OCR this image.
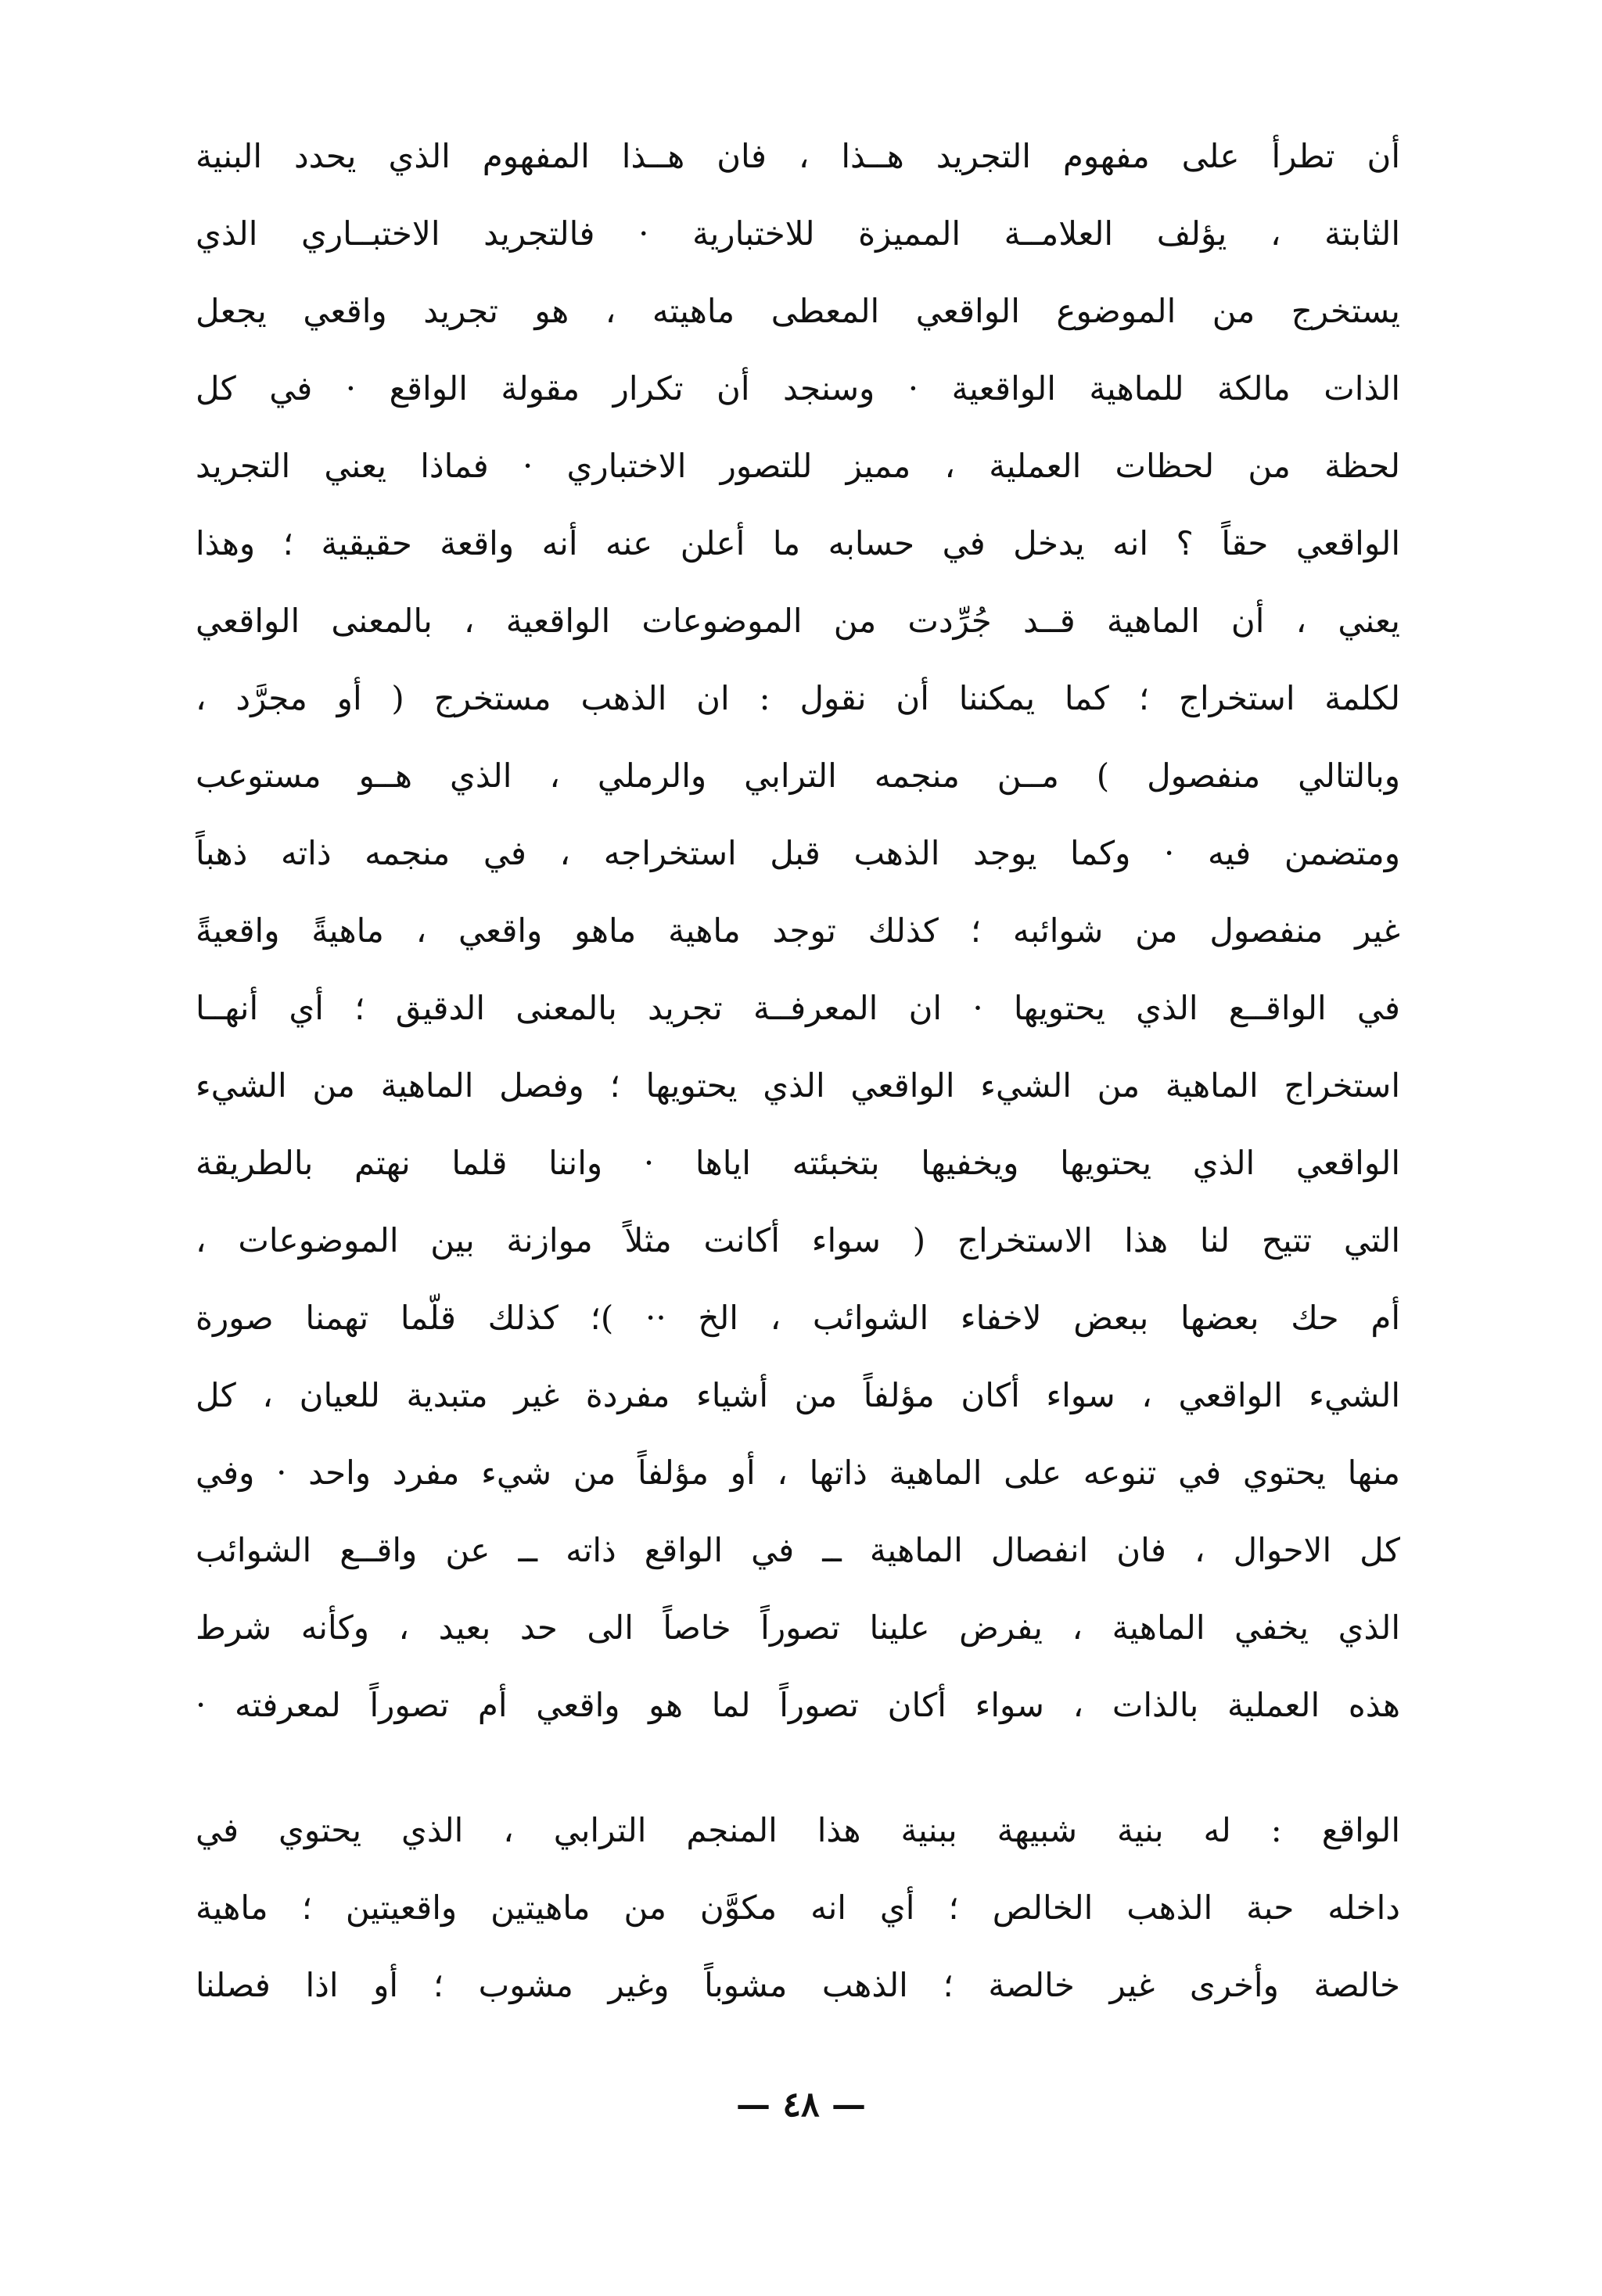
أن تطرأ على مفهوم التجريد هــذا ، فان هــذا المفهوم الذي يحدد البنية
الثابتة ، يؤلف العلامــة المميزة للاختبارية · فالتجريد الاختبــاري الذي
يستخرج من الموضوع الواقعي المعطى ماهيته ، هو تجريد واقعي يجعل
الذات مالكة للماهية الواقعية · وسنجد أن تكرار مقولة الواقع · في كل
لحظة من لحظات العملية ، مميز للتصور الاختباري · فماذا يعني التجريد
الواقعي حقاً ؟ انه يدخل في حسابه ما أعلن عنه أنه واقعة حقيقية ؛ وهذا
يعني ، أن الماهية قــد جُرِّدت من الموضوعات الواقعية ، بالمعنى الواقعي
لكلمة استخراج ؛ كما يمكننا أن نقول : ان الذهب مستخرج ( أو مجرَّد ،
وبالتالي منفصول ) مــن منجمه الترابي والرملي ، الذي هــو مستوعب
ومتضمن فيه · وكما يوجد الذهب قبل استخراجه ، في منجمه ذاته ذهباً
غير منفصول من شوائبه ؛ كذلك توجد ماهية ماهو واقعي ، ماهيةً واقعيةً
في الواقــع الذي يحتويها · ان المعرفــة تجريد بالمعنى الدقيق ؛ أي أنهــا
استخراج الماهية من الشيء الواقعي الذي يحتويها ؛ وفصل الماهية من الشيء
الواقعي الذي يحتويها ويخفيها بتخبئته اياها · واننا قلما نهتم بالطريقة
التي تتيح لنا هذا الاستخراج ( سواء أكانت مثلاً موازنة بين الموضوعات ،
أم حك بعضها ببعض لاخفاء الشوائب ، الخ ·· )؛ كذلك قلّما تهمنا صورة
الشيء الواقعي ، سواء أكان مؤلفاً من أشياء مفردة غير متبدية للعيان ، كل
منها يحتوي في تنوعه على الماهية ذاتها ، أو مؤلفاً من شيء مفرد واحد · وفي
كل الاحوال ، فان انفصال الماهية ــ في الواقع ذاته ــ عن واقــع الشوائب
الذي يخفي الماهية ، يفرض علينا تصوراً خاصاً الى حد بعيد ، وكأنه شرط
هذه العملية بالذات ، سواء أكان تصوراً لما هو واقعي أم تصوراً لمعرفته ·
الواقع : له بنية شبيهة ببنية هذا المنجم الترابي ، الذي يحتوي في
داخله حبة الذهب الخالص ؛ أي انه مكوَّن من ماهيتين واقعيتين ؛ ماهية
خالصة وأخرى غير خالصة ؛ الذهب مشوباً وغير مشوب ؛ أو اذا فصلنا
— ٤٨ —
